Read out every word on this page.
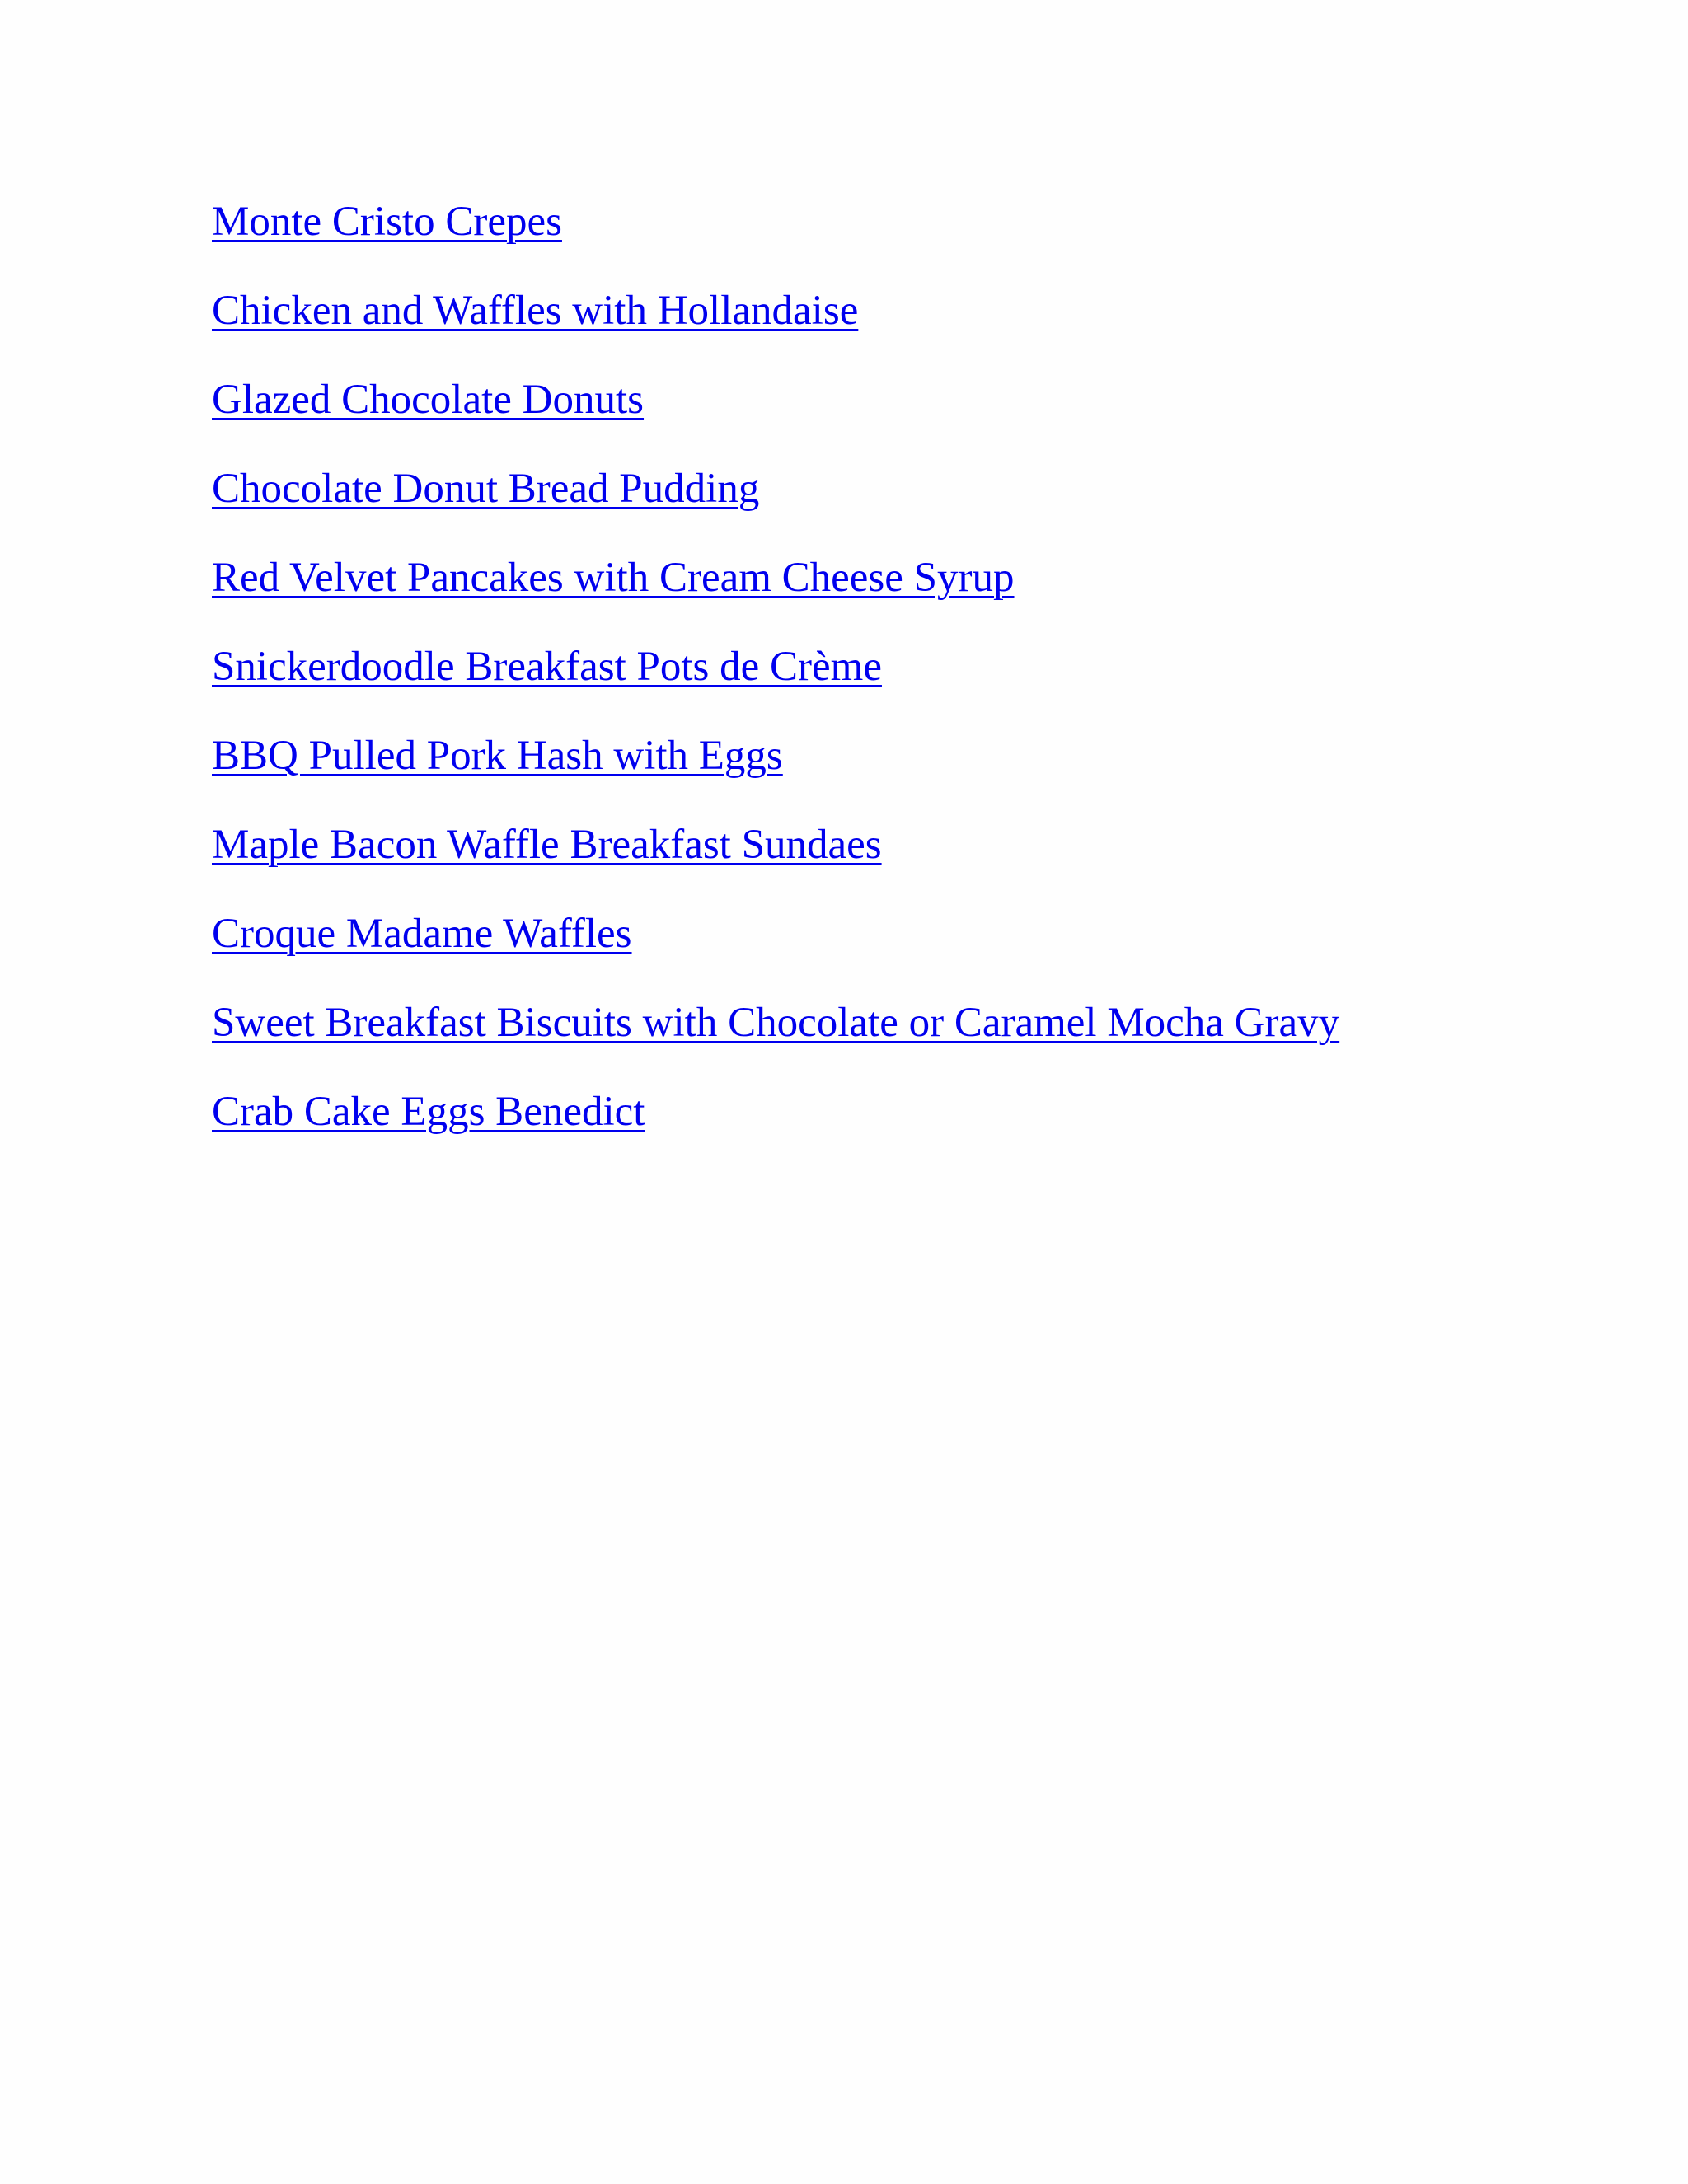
Monte Cristo Crepes
Chicken and Waffles with Hollandaise
Glazed Chocolate Donuts
Chocolate Donut Bread Pudding
Red Velvet Pancakes with Cream Cheese Syrup
Snickerdoodle Breakfast Pots de Crème
BBQ Pulled Pork Hash with Eggs
Maple Bacon Waffle Breakfast Sundaes
Croque Madame Waffles
Sweet Breakfast Biscuits with Chocolate or Caramel Mocha Gravy
Crab Cake Eggs Benedict
